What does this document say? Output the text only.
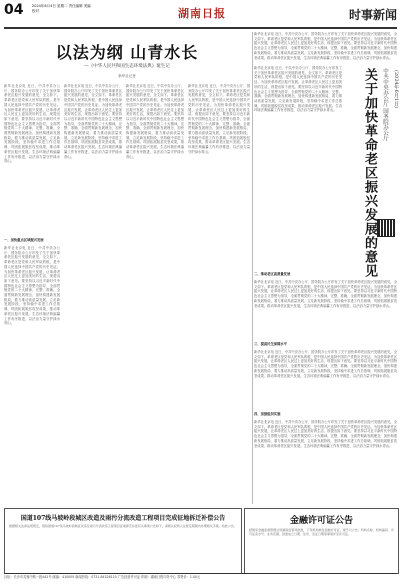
04 2024年6月4日 星期二 责任编辑 美编 校对	湖南日报	时事新闻
新华社北京电 近日，中共中央办公厅、国务院办公厅印发了关于加快革命老区振兴发展的意见，全文如下。革命老区是党和人民军队的根，是中国人民选择中国共产党的历史见证。为加快革命老区振兴发展，让革命老区人民过上更加美好的生活，现提出如下意见。要坚持以习近平新时代中国特色社会主义思想为指导，全面贯彻党的二十大精神，完整、准确、全面贯彻新发展理念，加快构建新发展格局，着力推动高质量发展，立足新发展阶段，坚持稳中求进工作总基调，巩固拓展脱贫攻坚成果，推动革命老区振兴发展。生态环境法典编纂工作有序推进，以法治力量守护绿水青山。
以法为纲 山青水长
—《中华人民共和国生态环境法典》诞生记
新华社记者
新华社北京电 近日，中共中央办公厅、国务院办公厅印发了关于加快革命老区振兴发展的意见，全文如下。革命老区是党和人民军队的根，是中国人民选择中国共产党的历史见证。为加快革命老区振兴发展，让革命老区人民过上更加美好的生活，现提出如下意见。要坚持以习近平新时代中国特色社会主义思想为指导，全面贯彻党的二十大精神，完整、准确、全面贯彻新发展理念，加快构建新发展格局，着力推动高质量发展，立足新发展阶段，坚持稳中求进工作总基调，巩固拓展脱贫攻坚成果，推动革命老区振兴发展。生态环境法典编纂工作有序推进，以法治力量守护绿水青山。
一、加快重点区域振兴发展
新华社北京电 近日，中共中央办公厅、国务院办公厅印发了关于加快革命老区振兴发展的意见，全文如下。革命老区是党和人民军队的根，是中国人民选择中国共产党的历史见证。为加快革命老区振兴发展，让革命老区人民过上更加美好的生活，现提出如下意见。要坚持以习近平新时代中国特色社会主义思想为指导，全面贯彻党的二十大精神，完整、准确、全面贯彻新发展理念，加快构建新发展格局，着力推动高质量发展，立足新发展阶段，坚持稳中求进工作总基调，巩固拓展脱贫攻坚成果，推动革命老区振兴发展。生态环境法典编纂工作有序推进，以法治力量守护绿水青山。
新华社北京电 近日，中共中央办公厅、国务院办公厅印发了关于加快革命老区振兴发展的意见，全文如下。革命老区是党和人民军队的根，是中国人民选择中国共产党的历史见证。为加快革命老区振兴发展，让革命老区人民过上更加美好的生活，现提出如下意见。要坚持以习近平新时代中国特色社会主义思想为指导，全面贯彻党的二十大精神，完整、准确、全面贯彻新发展理念，加快构建新发展格局，着力推动高质量发展，立足新发展阶段，坚持稳中求进工作总基调，巩固拓展脱贫攻坚成果，推动革命老区振兴发展。生态环境法典编纂工作有序推进，以法治力量守护绿水青山。
新华社北京电 近日，中共中央办公厅、国务院办公厅印发了关于加快革命老区振兴发展的意见，全文如下。革命老区是党和人民军队的根，是中国人民选择中国共产党的历史见证。为加快革命老区振兴发展，让革命老区人民过上更加美好的生活，现提出如下意见。要坚持以习近平新时代中国特色社会主义思想为指导，全面贯彻党的二十大精神，完整、准确、全面贯彻新发展理念，加快构建新发展格局，着力推动高质量发展，立足新发展阶段，坚持稳中求进工作总基调，巩固拓展脱贫攻坚成果，推动革命老区振兴发展。生态环境法典编纂工作有序推进，以法治力量守护绿水青山。
新华社北京电 近日，中共中央办公厅、国务院办公厅印发了关于加快革命老区振兴发展的意见，全文如下。革命老区是党和人民军队的根，是中国人民选择中国共产党的历史见证。为加快革命老区振兴发展，让革命老区人民过上更加美好的生活，现提出如下意见。要坚持以习近平新时代中国特色社会主义思想为指导，全面贯彻党的二十大精神，完整、准确、全面贯彻新发展理念，加快构建新发展格局，着力推动高质量发展，立足新发展阶段，坚持稳中求进工作总基调，巩固拓展脱贫攻坚成果，推动革命老区振兴发展。生态环境法典编纂工作有序推进，以法治力量守护绿水青山。
新华社北京电 近日，中共中央办公厅、国务院办公厅印发了关于加快革命老区振兴发展的意见，全文如下。革命老区是党和人民军队的根，是中国人民选择中国共产党的历史见证。为加快革命老区振兴发展，让革命老区人民过上更加美好的生活，现提出如下意见。要坚持以习近平新时代中国特色社会主义思想为指导，全面贯彻党的二十大精神，完整、准确、全面贯彻新发展理念，加快构建新发展格局，着力推动高质量发展，立足新发展阶段，坚持稳中求进工作总基调，巩固拓展脱贫攻坚成果，推动革命老区振兴发展。生态环境法典编纂工作有序推进，以法治力量守护绿水青山。	关于加快革命老区振兴发展的意见 中共中央办公厅 国务院办公厅	(2024年6月1日)
二、推动老区高质量发展
新华社北京电 近日，中共中央办公厅、国务院办公厅印发了关于加快革命老区振兴发展的意见，全文如下。革命老区是党和人民军队的根，是中国人民选择中国共产党的历史见证。为加快革命老区振兴发展，让革命老区人民过上更加美好的生活，现提出如下意见。要坚持以习近平新时代中国特色社会主义思想为指导，全面贯彻党的二十大精神，完整、准确、全面贯彻新发展理念，加快构建新发展格局，着力推动高质量发展，立足新发展阶段，坚持稳中求进工作总基调，巩固拓展脱贫攻坚成果，推动革命老区振兴发展。生态环境法典编纂工作有序推进，以法治力量守护绿水青山。
三、提高民生保障水平
新华社北京电 近日，中共中央办公厅、国务院办公厅印发了关于加快革命老区振兴发展的意见，全文如下。革命老区是党和人民军队的根，是中国人民选择中国共产党的历史见证。为加快革命老区振兴发展，让革命老区人民过上更加美好的生活，现提出如下意见。要坚持以习近平新时代中国特色社会主义思想为指导，全面贯彻党的二十大精神，完整、准确、全面贯彻新发展理念，加快构建新发展格局，着力推动高质量发展，立足新发展阶段，坚持稳中求进工作总基调，巩固拓展脱贫攻坚成果，推动革命老区振兴发展。生态环境法典编纂工作有序推进，以法治力量守护绿水青山。
四、加强组织实施
新华社北京电 近日，中共中央办公厅、国务院办公厅印发了关于加快革命老区振兴发展的意见，全文如下。革命老区是党和人民军队的根，是中国人民选择中国共产党的历史见证。为加快革命老区振兴发展，让革命老区人民过上更加美好的生活，现提出如下意见。要坚持以习近平新时代中国特色社会主义思想为指导，全面贯彻党的二十大精神，完整、准确、全面贯彻新发展理念，加快构建新发展格局，着力推动高质量发展，立足新发展阶段，坚持稳中求进工作总基调，巩固拓展脱贫攻坚成果，推动革命老区振兴发展。生态环境法典编纂工作有序推进，以法治力量守护绿水青山。
国道107线马坡岭段城区改造及雨污分流改造工程项目完成征地拆迁补偿公告
根据相关法律法规规定，现将国道107线马坡岭段城区改造及雨污分流改造工程项目征地拆迁补偿有关事项公告如下，请相关权利人在规定期限内办理相关手续。特此公告。	金融许可证公告
经国家金融监督管理总局湖南监管局批准，下列机构换发金融许可证，现予以公告。机构名称、机构编码、许可证流水号、业务范围、批准成立日期、住所、发证日期等事项详见许可证。
社址：长沙市芙蓉中路一段442号 邮编：410005 新闻热线：0731-84326110 广告经营许可证 印刷：湖南日报印务中心 零售价：1.00元
